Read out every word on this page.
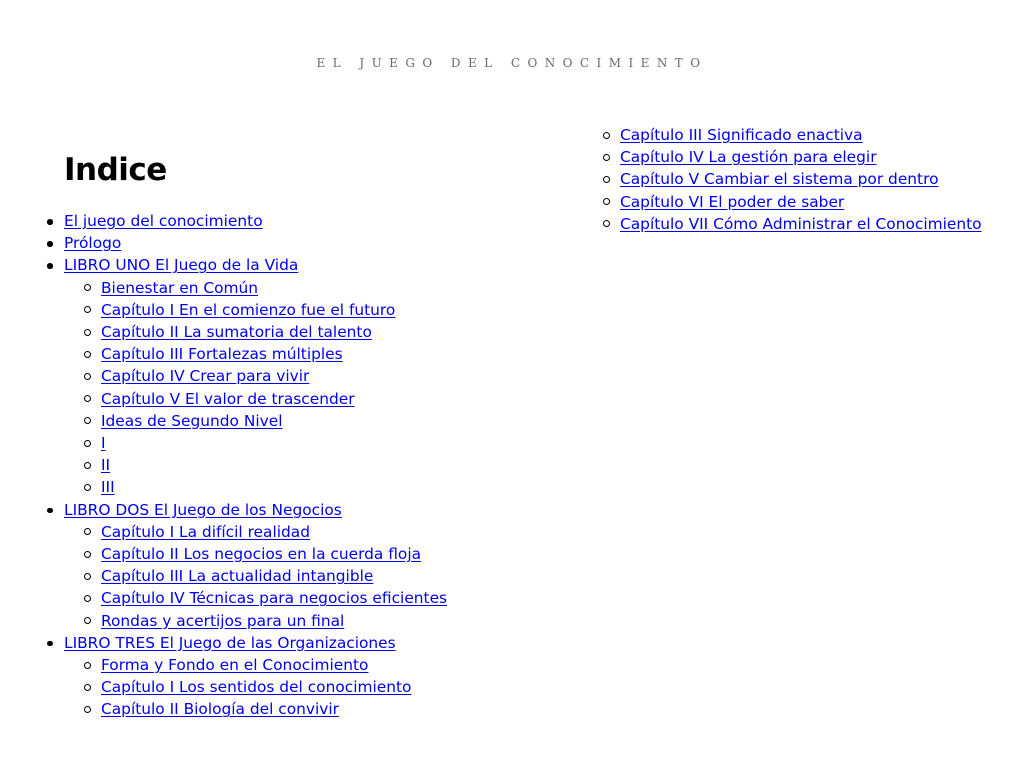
EL JUEGO DEL CONOCIMIENTO
Indice
El juego del conocimiento
Prólogo
LIBRO UNO El Juego de la Vida
Bienestar en Común
Capítulo I En el comienzo fue el futuro
Capítulo II La sumatoria del talento
Capítulo III Fortalezas múltiples
Capítulo IV Crear para vivir
Capítulo V El valor de trascender
Ideas de Segundo Nivel
I
II
III
LIBRO DOS El Juego de los Negocios
Capítulo I La difícil realidad
Capítulo II Los negocios en la cuerda floja
Capítulo III La actualidad intangible
Capítulo IV Técnicas para negocios eficientes
Rondas y acertijos para un final
LIBRO TRES El Juego de las Organizaciones
Forma y Fondo en el Conocimiento
Capítulo I Los sentidos del conocimiento
Capítulo II Biología del convivir
Capítulo III Significado enactiva
Capítulo IV La gestión para elegir
Capítulo V Cambiar el sistema por dentro
Capítulo VI El poder de saber
Capítulo VII Cómo Administrar el Conocimiento
